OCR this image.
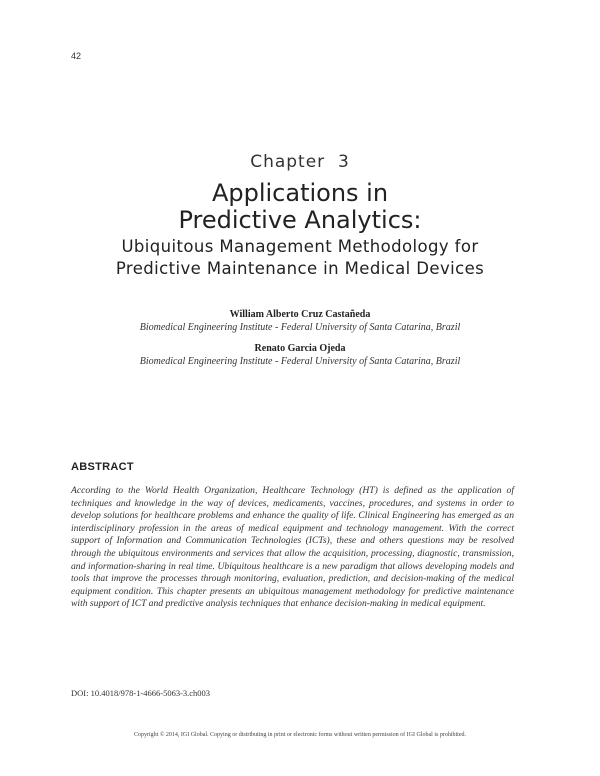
42
Chapter  3
Applications in
Predictive Analytics:
Ubiquitous Management Methodology for
Predictive Maintenance in Medical Devices
William Alberto Cruz Castañeda
Biomedical Engineering Institute - Federal University of Santa Catarina, Brazil
Renato Garcia Ojeda
Biomedical Engineering Institute - Federal University of Santa Catarina, Brazil
ABSTRACT

According to the World Health Organization, Healthcare Technology (HT) is defined as the application of techniques and knowledge in the way of devices, medicaments, vaccines, procedures, and systems in order to develop solutions for healthcare problems and enhance the quality of life. Clinical Engineering has emerged as an interdisciplinary profession in the areas of medical equipment and technology management. With the correct support of Information and Communication Technologies (ICTs), these and others questions may be resolved through the ubiquitous environments and services that allow the acquisition, processing, diagnostic, transmission, and information-sharing in real time. Ubiquitous healthcare is a new paradigm that allows developing models and tools that improve the processes through monitoring, evaluation, prediction, and decision-making of the medical equipment condition. This chapter presents an ubiquitous management methodology for predictive maintenance with support of ICT and predictive analysis techniques that enhance decision-making in medical equipment.

DOI: 10.4018/978-1-4666-5063-3.ch003
Copyright © 2014, IGI Global. Copying or distributing in print or electronic forms without written permission of IGI Global is prohibited.
